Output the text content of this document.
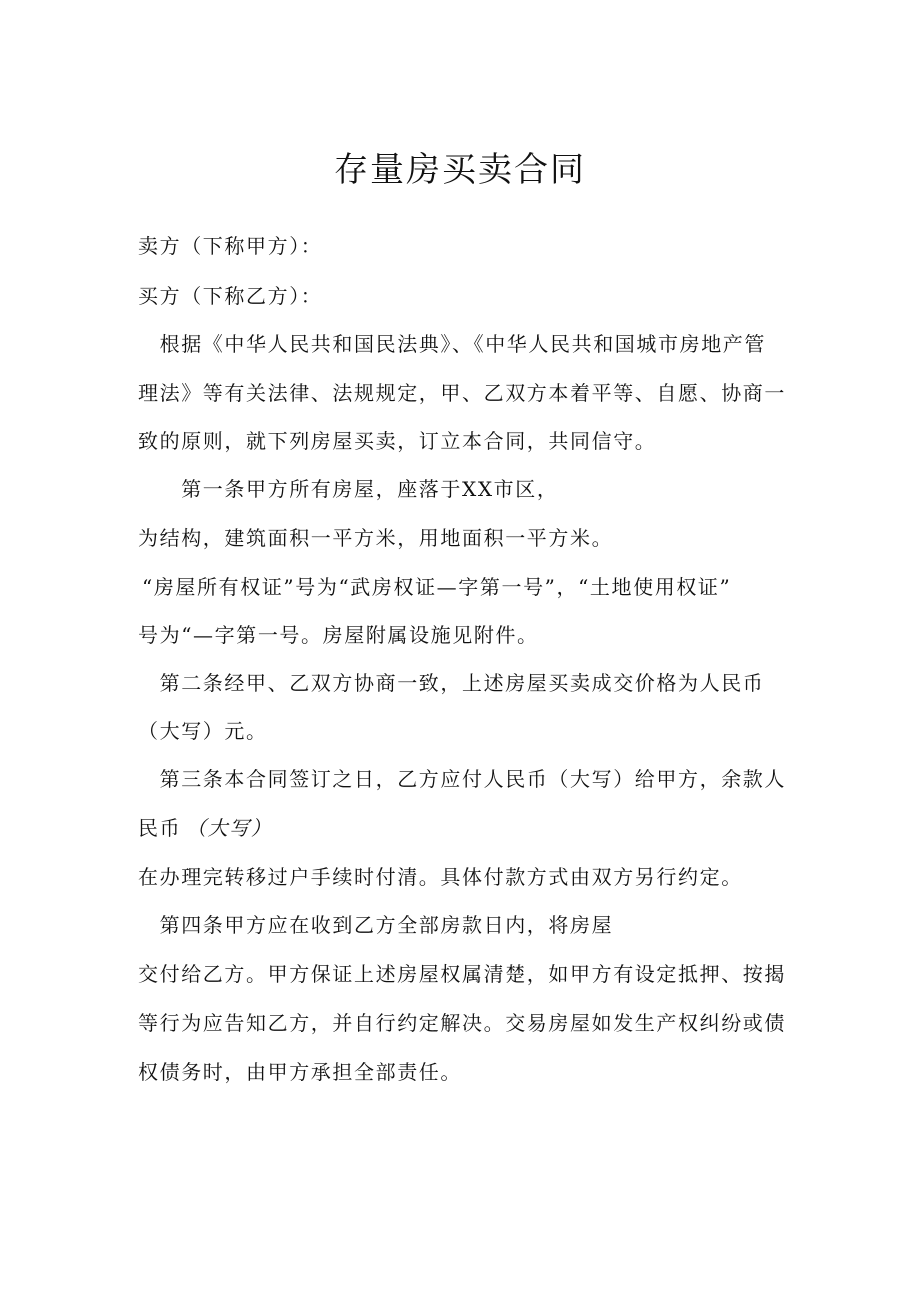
存量房买卖合同
卖方（下称甲方）：
买方（下称乙方）：
　根据《中华人民共和国民法典》、《中华人民共和国城市房地产管
理法》等有关法律、法规规定，甲、乙双方本着平等、自愿、协商一
致的原则，就下列房屋买卖，订立本合同，共同信守。
　　第一条甲方所有房屋，座落于XX市区，
为结构，建筑面积一平方米，用地面积一平方米。
“房屋所有权证”号为“武房权证—字第一号”，“土地使用权证”
号为“—字第一号。房屋附属设施见附件。
　第二条经甲、乙双方协商一致，上述房屋买卖成交价格为人民币
（大写）元。
　第三条本合同签订之日，乙方应付人民币（大写）给甲方，余款人
民币 （大写）
在办理完转移过户手续时付清。具体付款方式由双方另行约定。
　第四条甲方应在收到乙方全部房款日内，将房屋
交付给乙方。甲方保证上述房屋权属清楚，如甲方有设定抵押、按揭
等行为应告知乙方，并自行约定解决。交易房屋如发生产权纠纷或债
权债务时，由甲方承担全部责任。
